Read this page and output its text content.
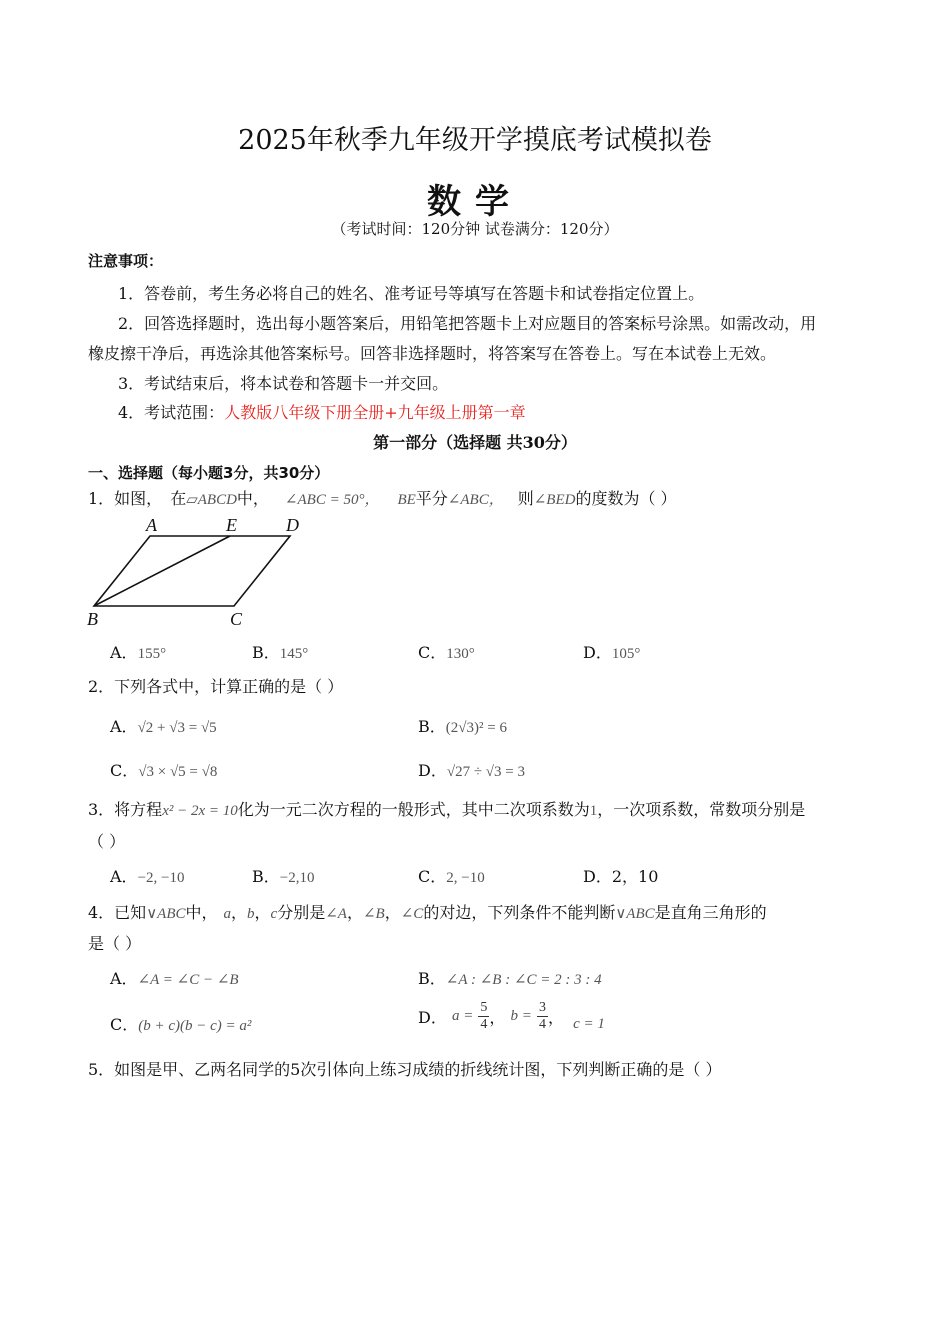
2025年秋季九年级开学摸底考试模拟卷
数学
（考试时间：120分钟 试卷满分：120分）
注意事项：
1．答卷前，考生务必将自己的姓名、准考证号等填写在答题卡和试卷指定位置上。
2．回答选择题时，选出每小题答案后，用铅笔把答题卡上对应题目的答案标号涂黑。如需改动，用
橡皮擦干净后，再选涂其他答案标号。回答非选择题时，将答案写在答卷上。写在本试卷上无效。
3．考试结束后，将本试卷和答题卡一并交回。
4．考试范围：人教版八年级下册全册+九年级上册第一章
第一部分（选择题 共30分）
一、选择题（每小题3分，共30分）
1．如图， 在▱ABCD中， ∠ABC = 50°， BE平分∠ABC， 则∠BED的度数为（ ）
A	E	D
B	C
A．155°	B．145°	C．130°	D．105°
2．下列各式中，计算正确的是（ ）
A．√2 + √3 = √5	B．(2√3)² = 6
C．√3 × √5 = √8	D．√27 ÷ √3 = 3
3．将方程x² − 2x = 10化为一元二次方程的一般形式，其中二次项系数为1，一次项系数，常数项分别是
（ ）
A．−2, −10	B．−2,10	C．2, −10	D．2，10
4．已知∨ABC中， a，b，c分别是∠A，∠B，∠C的对边，下列条件不能判断∨ABC是直角三角形的
是（ ）
A．∠A = ∠C − ∠B	B．∠A : ∠B : ∠C = 2 : 3 : 4
C．(b + c)(b − c) = a²	D． $a = \frac{5}{4}$ ， $b = \frac{3}{4}$ ， c = 1
5．如图是甲、乙两名同学的5次引体向上练习成绩的折线统计图，下列判断正确的是（ ）
